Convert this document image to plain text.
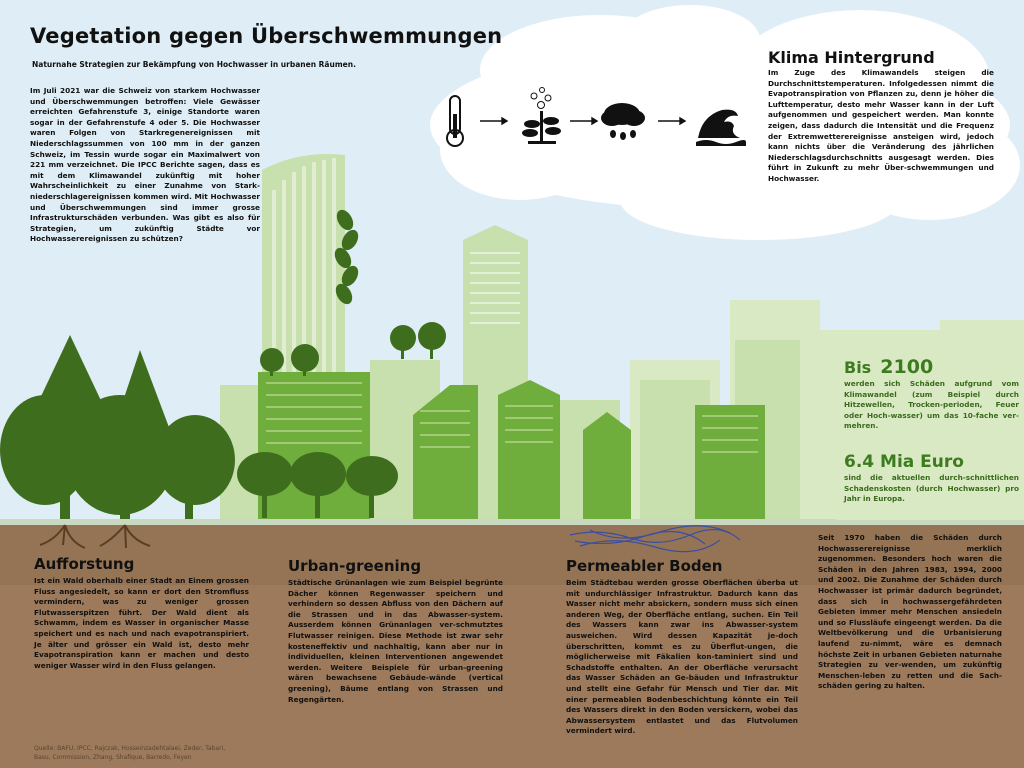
Vegetation gegen Überschwemmungen
Naturnahe Strategien zur Bekämpfung von Hochwasser in urbanen Räumen.

Im Juli 2021 war die Schweiz von starkem Hochwasser und Überschwemmungen betroffen: Viele Gewässer erreichten Gefahrenstufe 3, einige Standorte waren sogar in der Gefahrenstufe 4 oder 5. Die Hochwasser waren Folgen von Starkregenereignissen mit Niederschlagssummen von 100 mm in der ganzen Schweiz, im Tessin wurde sogar ein Maximalwert von 221 mm verzeichnet. Die IPCC Berichte sagen, dass es mit dem Klimawandel zukünftig mit hoher Wahrscheinlichkeit zu einer Zunahme von Stark-niederschlagereignissen kommen wird. Mit Hochwasser und Überschwemmungen sind immer grosse Infrastrukturschäden verbunden. Was gibt es also für Strategien, um zukünftig Städte vor Hochwasserereignissen zu schützen?

Klima Hintergrund

Im Zuge des Klimawandels steigen die Durchschnittstemperaturen. Infolgedessen nimmt die Evapotranspiration von Pflanzen zu, denn je höher die Lufttemperatur, desto mehr Wasser kann in der Luft aufgenommen und gespeichert werden. Man konnte zeigen, dass dadurch die Intensität und die Frequenz der Extremwetterereignisse ansteigen wird, jedoch kann nichts über die Veränderung des jährlichen Niederschlagsdurchschnitts ausgesagt werden. Dies führt in Zukunft zu mehr Über-schwemmungen und Hochwasser.

Bis 2100

werden sich Schäden aufgrund vom Klimawandel (zum Beispiel durch Hitzewellen, Trocken-perioden, Feuer oder Hoch-wasser) um das 10-fache ver-mehren.

6.4 Mia Euro

sind die aktuellen durch-schnittlichen Schadenskosten (durch Hochwasser) pro Jahr in Europa.

Aufforstung

Ist ein Wald oberhalb einer Stadt an Einem grossen Fluss angesiedelt, so kann er dort den Stromfluss vermindern, was zu weniger grossen Flutwasserspitzen führt. Der Wald dient als Schwamm, indem es Wasser in organischer Masse speichert und es nach und nach evapotranspiriert. Je älter und grösser ein Wald ist, desto mehr Evapotranspiration kann er machen und desto weniger Wasser wird in den Fluss gelangen.

Urban-greening

Städtische Grünanlagen wie zum Beispiel begrünte Dächer können Regenwasser speichern und verhindern so dessen Abfluss von den Dächern auf die Strassen und in das Abwasser-system. Ausserdem können Grünanlagen ver-schmutztes Flutwasser reinigen. Diese Methode ist zwar sehr kosteneffektiv und nachhaltig, kann aber nur in individuellen, kleinen Interventionen angewendet werden. Weitere Beispiele für urban-greening wären bewachsene Gebäude-wände (vertical greening), Bäume entlang von Strassen und Regengärten.

Permeabler Boden

Beim Städtebau werden grosse Oberflächen überba ut mit undurchlässiger Infrastruktur. Dadurch kann das Wasser nicht mehr absickern, sondern muss sich einen anderen Weg, der Oberfläche entlang, suchen. Ein Teil des Wassers kann zwar ins Abwasser-system ausweichen. Wird dessen Kapazität je-doch überschritten, kommt es zu Überflut-ungen, die möglicherweise mit Fäkalien kon-taminiert sind und Schadstoffe enthalten. An der Oberfläche verursacht das Wasser Schäden an Ge-bäuden und Infrastruktur und stellt eine Gefahr für Mensch und Tier dar. Mit einer permeablen Bodenbeschichtung könnte ein Teil des Wassers direkt in den Boden versickern, wobei das Abwassersystem entlastet und das Flutvolumen vermindert wird.

Seit 1970 haben die Schäden durch Hochwasserereignisse merklich zugenommen. Besonders hoch waren die Schäden in den Jahren 1983, 1994, 2000 und 2002. Die Zunahme der Schäden durch Hochwasser ist primär dadurch begründet, dass sich in hochwassergefährdeten Gebieten immer mehr Menschen ansiedeln und so Flussläufe eingeengt werden. Da die Weltbevölkerung und die Urbanisierung laufend zu-nimmt, wäre es demnach höchste Zeit in urbanen Gebieten naturnahe Strategien zu ver-wenden, um zukünftig Menschen-leben zu retten und die Sach-schäden gering zu halten.

Quelle: BAFU, IPCC, Rajczak, Hosseinzadehtalaei, Zeder, Tabari, Basu, Commission, Zhang, Shafique, Barredo, Feyen
